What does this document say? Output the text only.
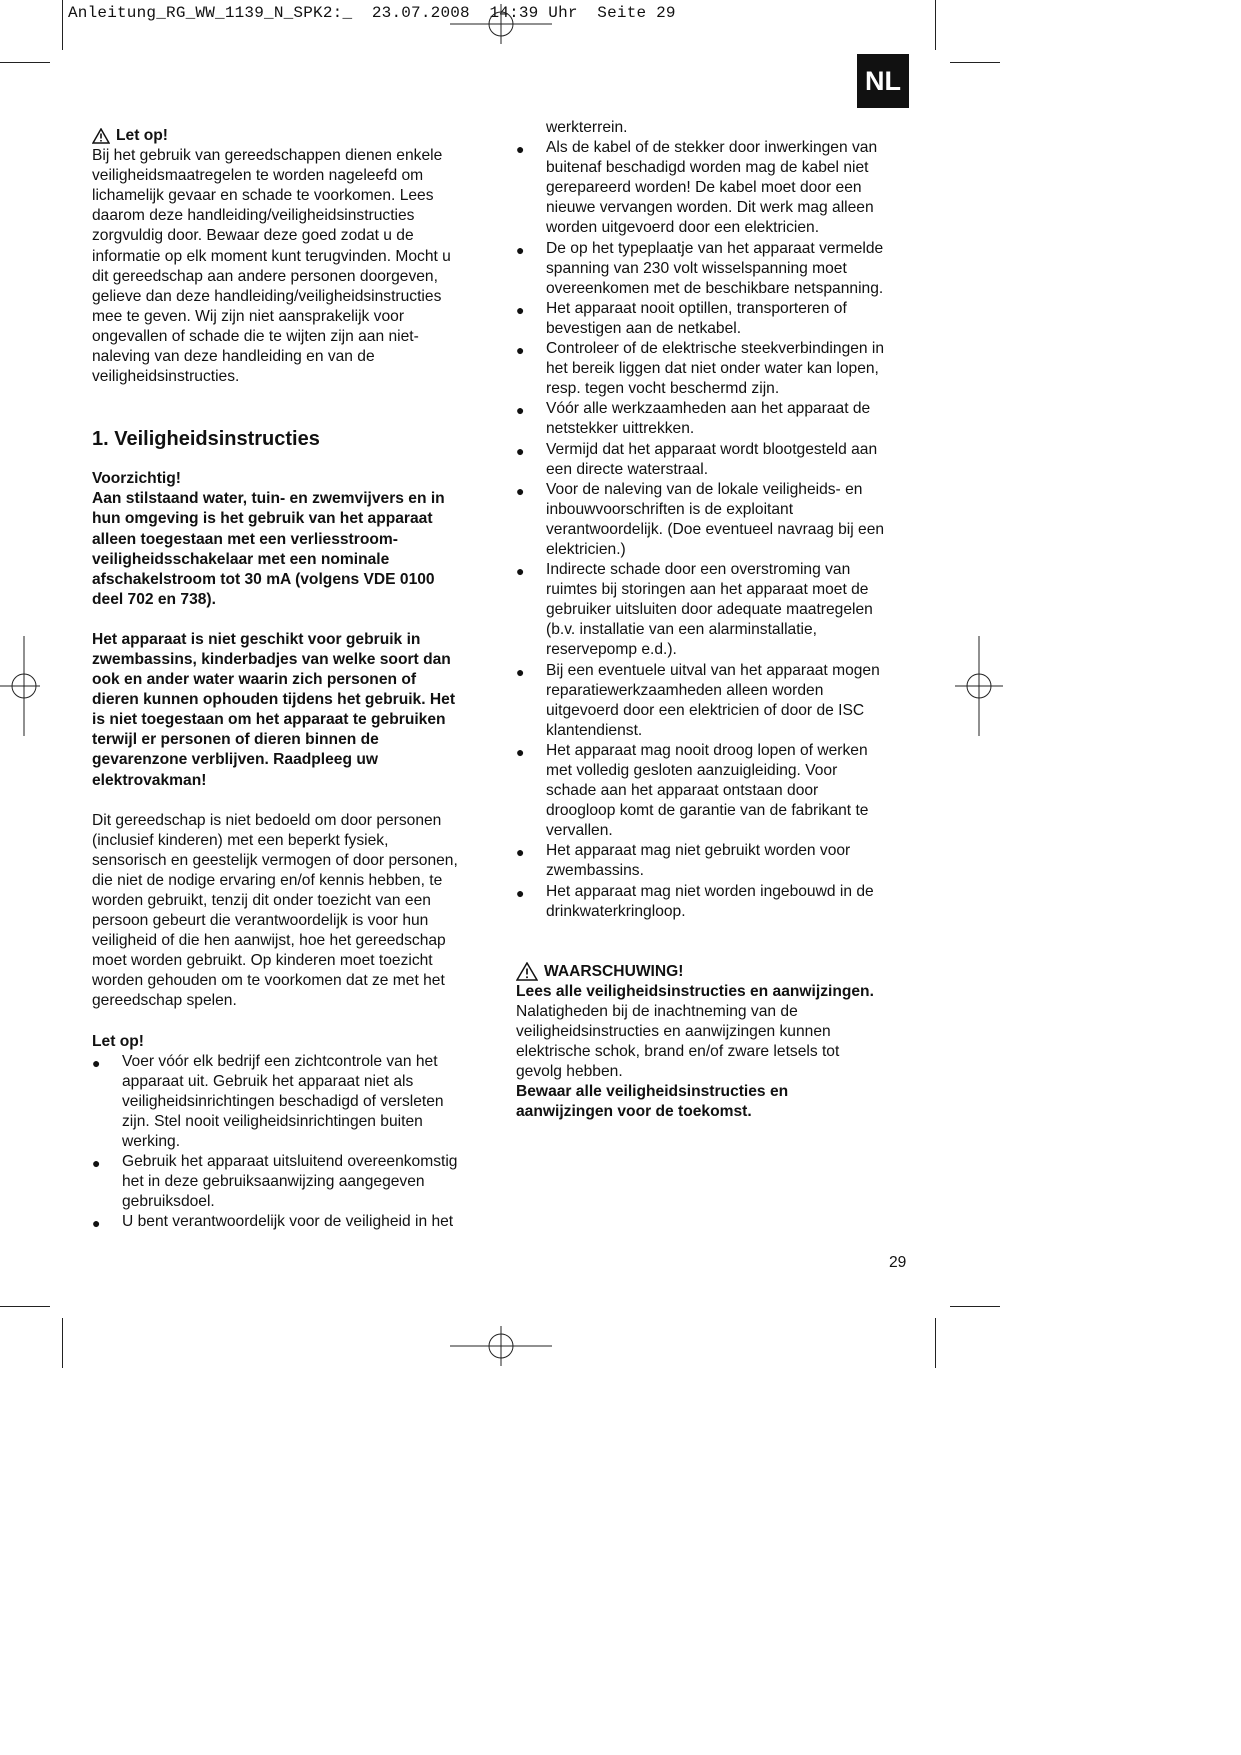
Anleitung_RG_WW_1139_N_SPK2:_  23.07.2008  14:39 Uhr  Seite 29
NL
Let op!

Bij het gebruik van gereedschappen dienen enkele

veiligheidsmaatregelen te worden nageleefd om

lichamelijk gevaar en schade te voorkomen. Lees

daarom deze handleiding/veiligheidsinstructies

zorgvuldig door. Bewaar deze goed zodat u de

informatie op elk moment kunt terugvinden. Mocht u

dit gereedschap aan andere personen doorgeven,

gelieve dan deze handleiding/veiligheidsinstructies

mee te geven. Wij zijn niet aansprakelijk voor

ongevallen of schade die te wijten zijn aan niet-

naleving van deze handleiding en van de

veiligheidsinstructies.

1. Veiligheidsinstructies

Voorzichtig!

Aan stilstaand water, tuin- en zwemvijvers en in

hun omgeving is het gebruik van het apparaat

alleen toegestaan met een verliesstroom-

veiligheidsschakelaar met een nominale

afschakelstroom tot 30 mA (volgens VDE 0100

deel 702 en 738).

Het apparaat is niet geschikt voor gebruik in

zwembassins, kinderbadjes van welke soort dan

ook en ander water waarin zich personen of

dieren kunnen ophouden tijdens het gebruik. Het

is niet toegestaan om het apparaat te gebruiken

terwijl er personen of dieren binnen de

gevarenzone verblijven. Raadpleeg uw

elektrovakman!

Dit gereedschap is niet bedoeld om door personen

(inclusief kinderen) met een beperkt fysiek,

sensorisch en geestelijk vermogen of door personen,

die niet de nodige ervaring en/of kennis hebben, te

worden gebruikt, tenzij dit onder toezicht van een

persoon gebeurt die verantwoordelijk is voor hun

veiligheid of die hen aanwijst, hoe het gereedschap

moet worden gebruikt. Op kinderen moet toezicht

worden gehouden om te voorkomen dat ze met het

gereedschap spelen.

Let op!

● Voer vóór elk bedrijf een zichtcontrole van het

apparaat uit. Gebruik het apparaat niet als

veiligheidsinrichtingen beschadigd of versleten

zijn. Stel nooit veiligheidsinrichtingen buiten

werking.

● Gebruik het apparaat uitsluitend overeenkomstig

het in deze gebruiksaanwijzing aangegeven

gebruiksdoel.

● U bent verantwoordelijk voor de veiligheid in het

werkterrein.

● Als de kabel of de stekker door inwerkingen van

buitenaf beschadigd worden mag de kabel niet

gerepareerd worden! De kabel moet door een

nieuwe vervangen worden. Dit werk mag alleen

worden uitgevoerd door een elektricien.

● De op het typeplaatje van het apparaat vermelde

spanning van 230 volt wisselspanning moet

overeenkomen met de beschikbare netspanning.

● Het apparaat nooit optillen, transporteren of

bevestigen aan de netkabel.

● Controleer of de elektrische steekverbindingen in

het bereik liggen dat niet onder water kan lopen,

resp. tegen vocht beschermd zijn.

● Vóór alle werkzaamheden aan het apparaat de

netstekker uittrekken.

● Vermijd dat het apparaat wordt blootgesteld aan

een directe waterstraal.

● Voor de naleving van de lokale veiligheids- en

inbouwvoorschriften is de exploitant

verantwoordelijk. (Doe eventueel navraag bij een

elektricien.)

● Indirecte schade door een overstroming van

ruimtes bij storingen aan het apparaat moet de

gebruiker uitsluiten door adequate maatregelen

(b.v. installatie van een alarminstallatie,

reservepomp e.d.).

● Bij een eventuele uitval van het apparaat mogen

reparatiewerkzaamheden alleen worden

uitgevoerd door een elektricien of door de ISC

klantendienst.

● Het apparaat mag nooit droog lopen of werken

met volledig gesloten aanzuigleiding. Voor

schade aan het apparaat ontstaan door

drooglоop komt de garantie van de fabrikant te

vervallen.

● Het apparaat mag niet gebruikt worden voor

zwembassins.

● Het apparaat mag niet worden ingebouwd in de

drinkwaterkringloop.

WAARSCHUWING!

Lees alle veiligheidsinstructies en aanwijzingen.

Nalatigheden bij de inachtneming van de

veiligheidsinstructies en aanwijzingen kunnen

elektrische schok, brand en/of zware letsels tot

gevolg hebben.

Bewaar alle veiligheidsinstructies en

aanwijzingen voor de toekomst.

29
